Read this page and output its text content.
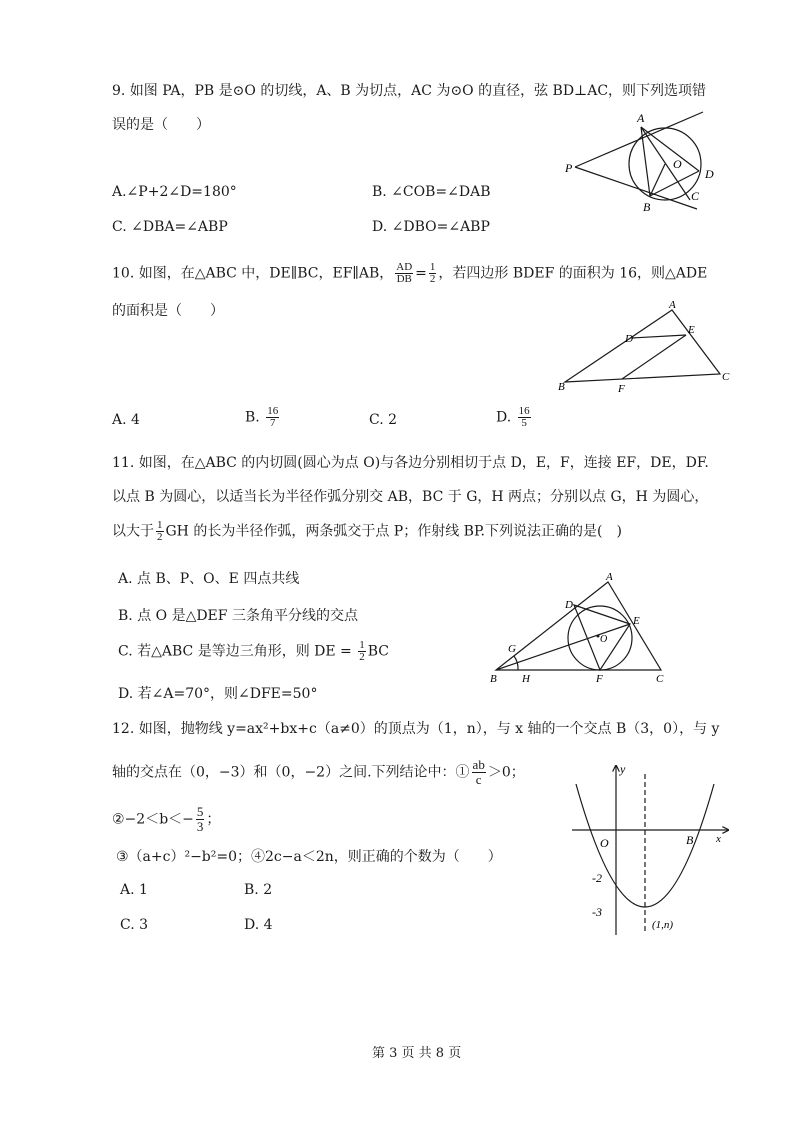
9. 如图 PA，PB 是⊙O 的切线，A、B 为切点，AC 为⊙O 的直径，弦 BD⊥AC，则下列选项错
误的是（　　）
A.∠P+2∠D=180°	B. ∠COB=∠DAB
C. ∠DBA=∠ABP	D. ∠DBO=∠ABP
P
A
O
D
B
C
10. 如图，在△ABC 中，DE∥BC，EF∥AB， $\frac{AD}{DB} = \frac{1}{2}$ ，若四边形 BDEF 的面积为 16，则△ADE
的面积是（　　）	A
D
E
B	F
C
A. 4	B. $\frac{16}{7}$	C. 2	D. $\frac{16}{5}$
11. 如图，在△ABC 的内切圆(圆心为点 O)与各边分别相切于点 D，E，F，连接 EF，DE，DF.
以点 B 为圆心，以适当长为半径作弧分别交 AB，BC 于 G，H 两点；分别以点 G，H 为圆心，
以大于 $\frac{1}{2}$ GH 的长为半径作弧，两条弧交于点 P；作射线 BP.下列说法正确的是(　)
A. 点 B、P、O、E 四点共线
B. 点 O 是△DEF 三条角平分线的交点
C. 若△ABC 是等边三角形，则 DE = $\frac{1}{2}$ BC
D. 若∠A=70°，则∠DFE=50°
A
D
E
O
G
B H	F	C
12. 如图，抛物线 y=ax²+bx+c（a≠0）的顶点为（1，n），与 x 轴的一个交点 B（3，0），与 y
轴的交点在（0，−3）和（0，−2）之间.下列结论中：① $\frac{ab}{c} >0$；
②−2＜b＜− $\frac{5}{3}$ ；
③（a+c）²−b²=0；④2c−a＜2n，则正确的个数为（　　）
A. 1	B. 2
C. 3	D. 4
y
O	B x
-2
-3
(1,n)
第 3 页 共 8 页
